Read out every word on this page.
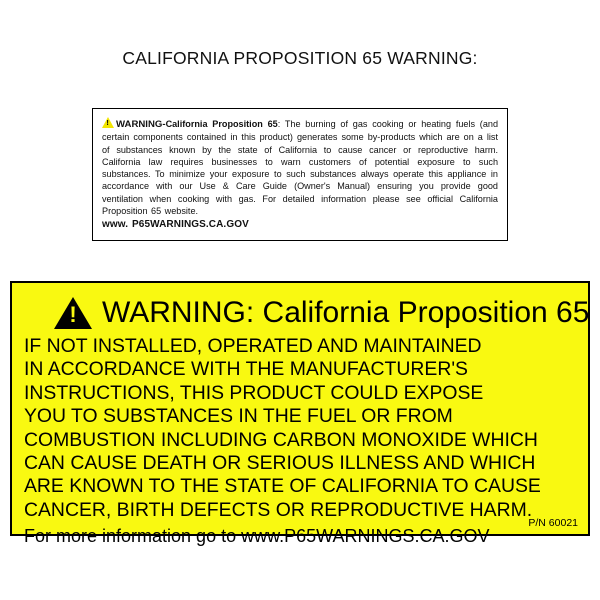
CALIFORNIA PROPOSITION 65 WARNING:

!WARNING-California Proposition 65: The burning of gas cooking or heating fuels (and certain components contained in this product) generates some by-products which are on a list of substances known by the state of California to cause cancer or reproductive harm. California law requires businesses to warn customers of potential exposure to such substances. To minimize your exposure to such substances always operate this appliance in accordance with our Use & Care Guide (Owner's Manual) ensuring you provide good ventilation when cooking with gas. For detailed information please see official California Proposition 65 website.
www. P65WARNINGS.CA.GOV

!
WARNING: California Proposition 65
IF NOT INSTALLED, OPERATED AND MAINTAINED
IN ACCORDANCE WITH THE MANUFACTURER'S
INSTRUCTIONS, THIS PRODUCT COULD EXPOSE
YOU TO SUBSTANCES IN THE FUEL OR FROM
COMBUSTION INCLUDING CARBON MONOXIDE WHICH
CAN CAUSE DEATH OR SERIOUS ILLNESS AND WHICH
ARE KNOWN TO THE STATE OF CALIFORNIA TO CAUSE
CANCER, BIRTH DEFECTS OR REPRODUCTIVE HARM.
For more information go to www.P65WARNINGS.CA.GOV
P/N 60021
